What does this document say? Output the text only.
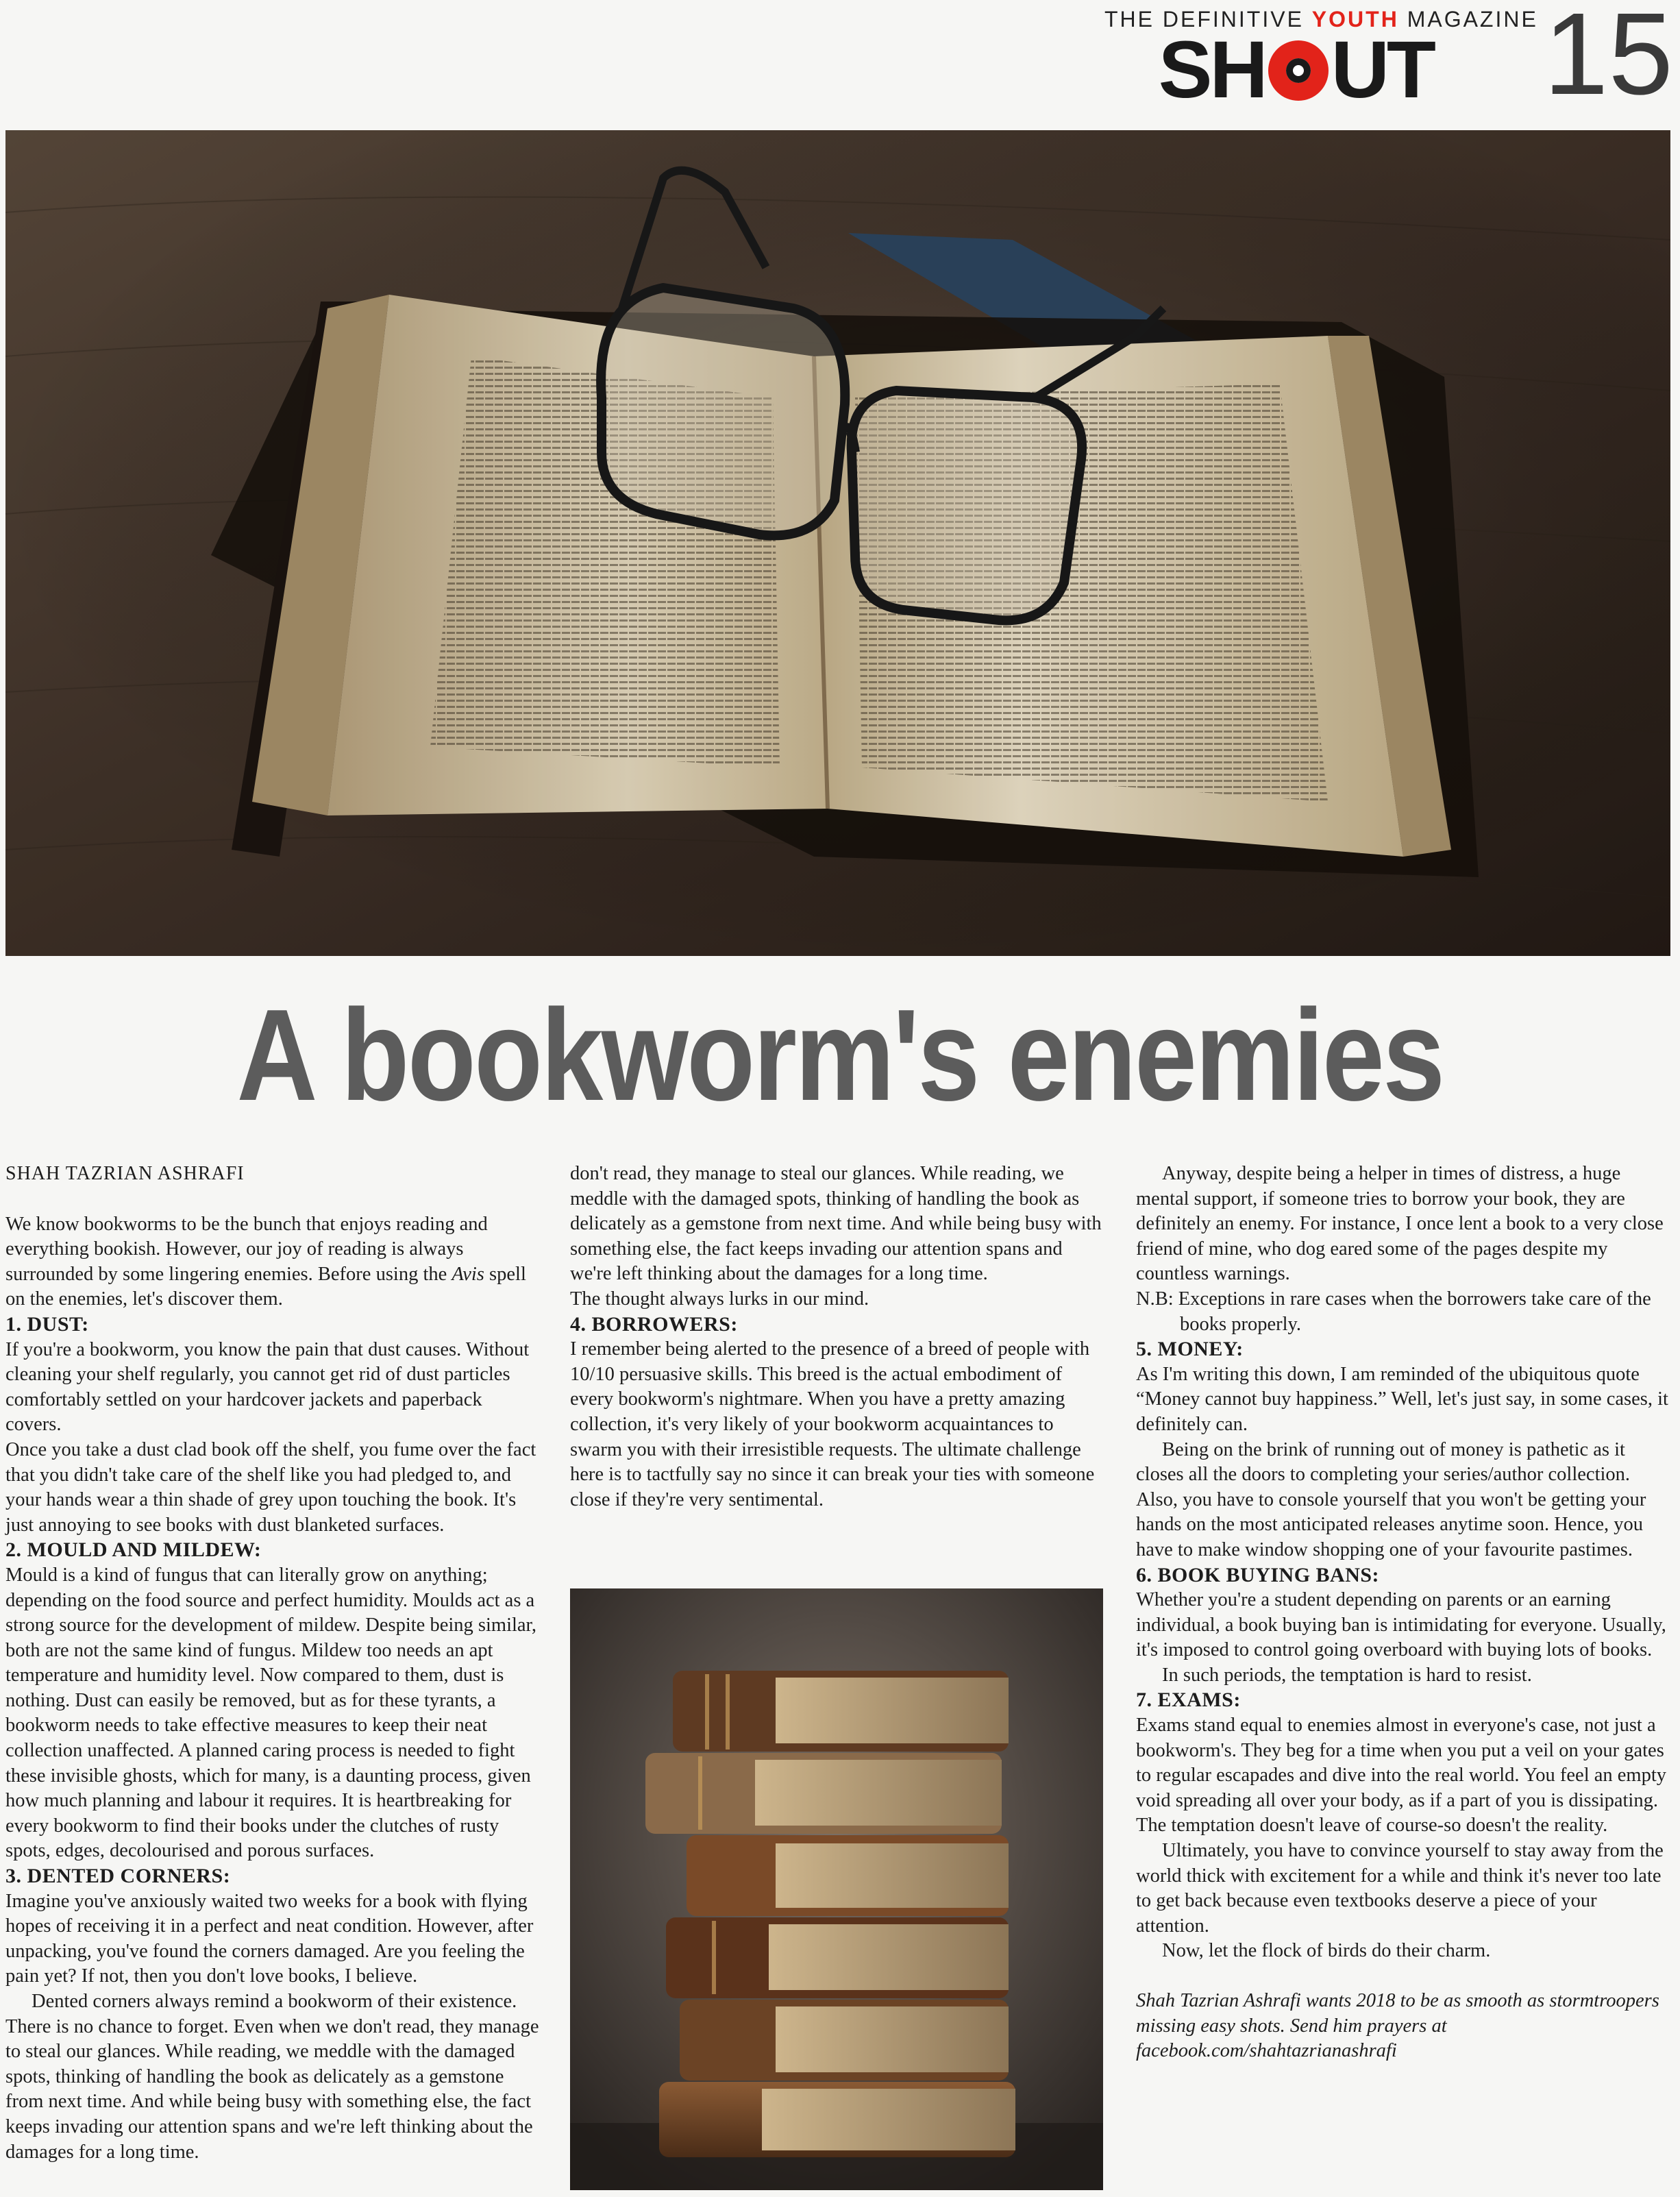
THE DEFINITIVE YOUTH MAGAZINE
SH UT 15
A bookworm's enemies

SHAH TAZRIAN ASHRAFI

We know bookworms to be the bunch that enjoys reading and everything bookish. However, our joy of reading is always surrounded by some lingering enemies. Before using the Avis spell on the enemies, let's discover them.

1. DUST:

If you're a bookworm, you know the pain that dust causes. Without cleaning your shelf regularly, you cannot get rid of dust particles comfortably settled on your hardcover jackets and paperback covers.

Once you take a dust clad book off the shelf, you fume over the fact that you didn't take care of the shelf like you had pledged to, and your hands wear a thin shade of grey upon touching the book. It's just annoying to see books with dust blanketed surfaces.

2. MOULD AND MILDEW:

Mould is a kind of fungus that can literally grow on anything; depending on the food source and perfect humidity. Moulds act as a strong source for the development of mildew. Despite being similar, both are not the same kind of fungus. Mildew too needs an apt temperature and humidity level. Now compared to them, dust is nothing. Dust can easily be removed, but as for these tyrants, a bookworm needs to take effective measures to keep their neat collection unaffected. A planned caring process is needed to fight these invisible ghosts, which for many, is a daunting process, given how much planning and labour it requires. It is heartbreaking for every bookworm to find their books under the clutches of rusty spots, edges, decolourised and porous surfaces.

3. DENTED CORNERS:

Imagine you've anxiously waited two weeks for a book with flying hopes of receiving it in a perfect and neat condition. However, after unpacking, you've found the corners damaged. Are you feeling the pain yet? If not, then you don't love books, I believe.

Dented corners always remind a bookworm of their existence. There is no chance to forget. Even when we don't read, they manage to steal our glances. While reading, we meddle with the damaged spots, thinking of handling the book as delicately as a gemstone from next time. And while being busy with something else, the fact keeps invading our attention spans and we're left thinking about the damages for a long time.

don't read, they manage to steal our glances. While reading, we meddle with the damaged spots, thinking of handling the book as delicately as a gemstone from next time. And while being busy with something else, the fact keeps invading our attention spans and we're left thinking about the damages for a long time.

The thought always lurks in our mind.

4. BORROWERS:

I remember being alerted to the presence of a breed of people with 10/10 persuasive skills. This breed is the actual embodiment of every bookworm's nightmare. When you have a pretty amazing collection, it's very likely of your bookworm acquaintances to swarm you with their irresistible requests. The ultimate challenge here is to tactfully say no since it can break your ties with someone close if they're very sentimental.

Anyway, despite being a helper in times of distress, a huge mental support, if someone tries to borrow your book, they are definitely an enemy. For instance, I once lent a book to a very close friend of mine, who dog eared some of the pages despite my countless warnings.

N.B: Exceptions in rare cases when the borrowers take care of the books properly.

5. MONEY:

As I'm writing this down, I am reminded of the ubiquitous quote “Money cannot buy happiness.” Well, let's just say, in some cases, it definitely can.

Being on the brink of running out of money is pathetic as it closes all the doors to completing your series/author collection. Also, you have to console yourself that you won't be getting your hands on the most anticipated releases anytime soon. Hence, you have to make window shopping one of your favourite pastimes.

6. BOOK BUYING BANS:

Whether you're a student depending on parents or an earning individual, a book buying ban is intimidating for everyone. Usually, it's imposed to control going overboard with buying lots of books.

In such periods, the temptation is hard to resist.

7. EXAMS:

Exams stand equal to enemies almost in everyone's case, not just a bookworm's. They beg for a time when you put a veil on your gates to regular escapades and dive into the real world. You feel an empty void spreading all over your body, as if a part of you is dissipating. The temptation doesn't leave of course-so doesn't the reality.

Ultimately, you have to convince yourself to stay away from the world thick with excitement for a while and think it's never too late to get back because even textbooks deserve a piece of your attention.

Now, let the flock of birds do their charm.

Shah Tazrian Ashrafi wants 2018 to be as smooth as stormtroopers missing easy shots. Send him prayers at facebook.com/shahtazrianashrafi
